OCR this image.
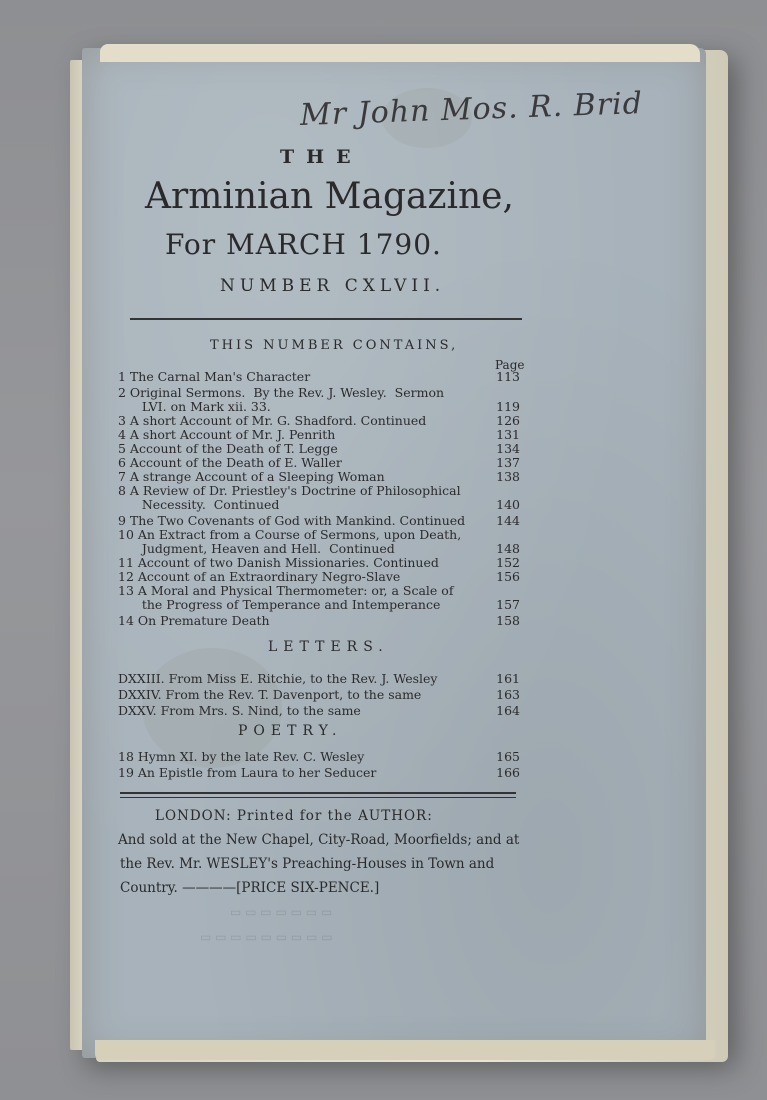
Mr John Mos. R. Brid
THE
Arminian Magazine,
For MARCH 1790.
NUMBER CXLVII.
THIS NUMBER CONTAINS,
Page
1 The Carnal Man's Character	113
2 Original Sermons.  By the Rev. J. Wesley.  Sermon
LVI. on Mark xii. 33.	119
3 A short Account of Mr. G. Shadford. Continued	126
4 A short Account of Mr. J. Penrith	131
5 Account of the Death of T. Legge	134
6 Account of the Death of E. Waller	137
7 A strange Account of a Sleeping Woman	138
8 A Review of Dr. Priestley's Doctrine of Philosophical
Necessity.  Continued	140
9 The Two Covenants of God with Mankind. Continued 144
10 An Extract from a Course of Sermons, upon Death,
Judgment, Heaven and Hell.  Continued	148
11 Account of two Danish Missionaries. Continued	152
12 Account of an Extraordinary Negro-Slave	156
13 A Moral and Physical Thermometer: or, a Scale of
the Progress of Temperance and Intemperance	157
14 On Premature Death	158
LETTERS.
DXXIII. From Miss E. Ritchie, to the Rev. J. Wesley	161
DXXIV. From the Rev. T. Davenport, to the same	163
DXXV. From Mrs. S. Nind, to the same	164
POETRY.
18 Hymn XI. by the late Rev. C. Wesley	165
19 An Epistle from Laura to her Seducer	166
LONDON: Printed for the AUTHOR:
And sold at the New Chapel, City-Road, Moorfields; and at
the Rev. Mr. WESLEY's Preaching-Houses in Town and
Country. ————[PRICE SIX-PENCE.]
▭ ▭ ▭ ▭ ▭ ▭ ▭
▭ ▭ ▭ ▭ ▭ ▭ ▭ ▭ ▭
